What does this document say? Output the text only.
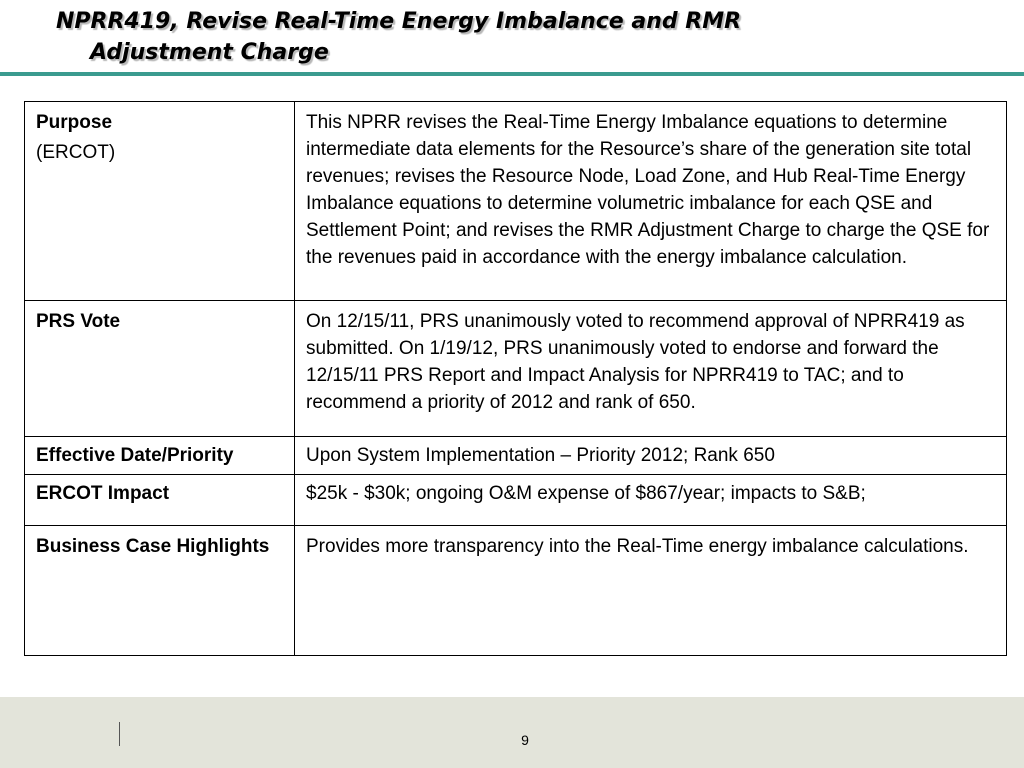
NPRR419, Revise Real-Time Energy Imbalance and RMR
Adjustment Charge
Purpose
(ERCOT)	This NPRR revises the Real-Time Energy Imbalance equations to determine intermediate data elements for the Resource’s share of the generation site total revenues; revises the Resource Node, Load Zone, and Hub Real-Time Energy Imbalance equations to determine volumetric imbalance for each QSE and Settlement Point; and revises the RMR Adjustment Charge to charge the QSE for the revenues paid in accordance with the energy imbalance calculation.
PRS Vote	On 12/15/11, PRS unanimously voted to recommend approval of NPRR419 as submitted. On 1/19/12, PRS unanimously voted to endorse and forward the 12/15/11 PRS Report and Impact Analysis for NPRR419 to TAC; and to recommend a priority of 2012 and rank of 650.
Effective Date/Priority	Upon System Implementation – Priority 2012; Rank 650
ERCOT Impact	$25k - $30k; ongoing O&M expense of $867/year; impacts to S&B;
Business Case Highlights	Provides more transparency into the Real-Time energy imbalance calculations.
9
